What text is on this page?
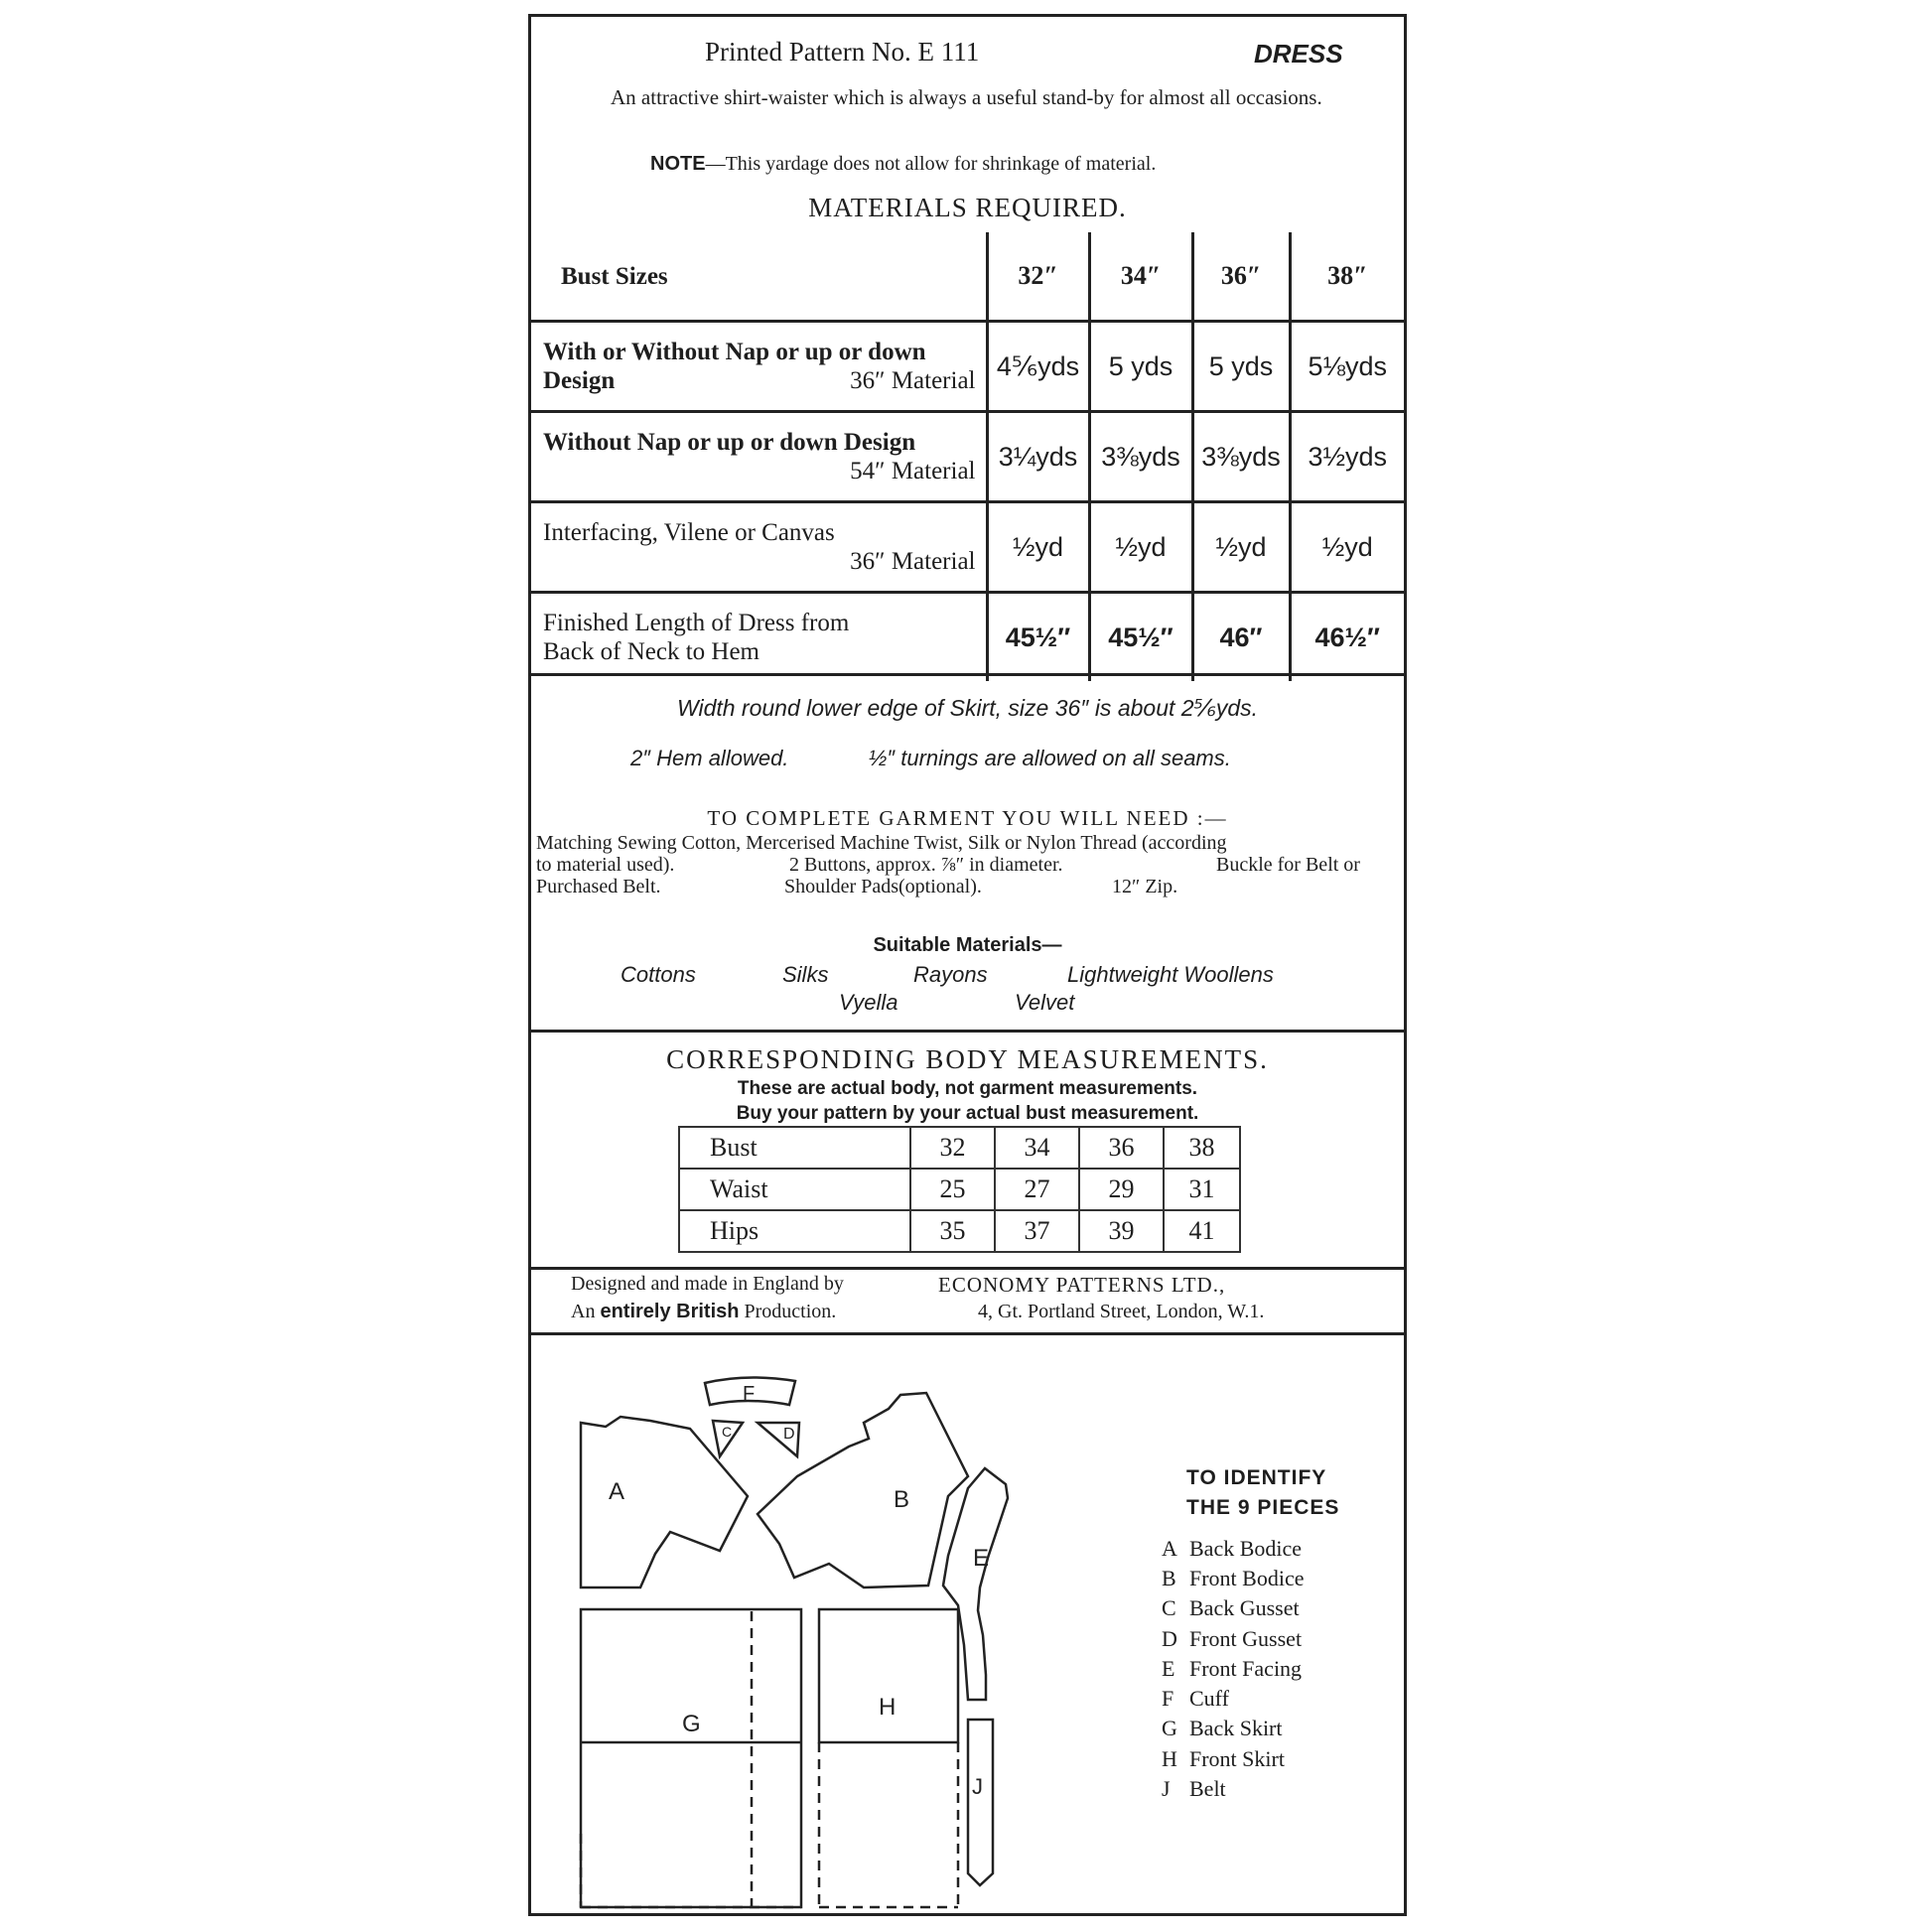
Printed Pattern No. E 111	DRESS
An attractive shirt-waister which is always a useful stand-by for almost all occasions.
NOTE—This yardage does not allow for shrinkage of material.
MATERIALS REQUIRED.
Bust Sizes	32″	34″	36″	38″

With or Without Nap or up or down
Design 36″ Material	4⅚yds	5 yds	5 yds	5⅛yds

Without Nap or up or down Design
54″ Material	3¼yds	3⅜yds	3⅜yds	3½yds

Interfacing, Vilene or Canvas
36″ Material	½yd	½yd	½yd	½yd

Finished Length of Dress from
Back of Neck to Hem	45½″	45½″	46″	46½″
Width round lower edge of Skirt, size 36″ is about 2⅚yds.
2″ Hem allowed.	½″ turnings are allowed on all seams.
TO COMPLETE GARMENT YOU WILL NEED :—
Matching Sewing Cotton, Mercerised Machine Twist, Silk or Nylon Thread (according
to material used).	2 Buttons, approx. ⅞″ in diameter.	Buckle for Belt or
Purchased Belt.	Shoulder Pads(optional).	12″ Zip.
Suitable Materials—
Cottons	Silks	Rayons	Lightweight Woollens
Vyella	Velvet
CORRESPONDING BODY MEASUREMENTS.
These are actual body, not garment measurements.
Buy your pattern by your actual bust measurement.
Bust	32	34	36	38
Waist	25	27	29	31
Hips	35	37	39	41
Designed and made in England by	ECONOMY PATTERNS LTD.,
An entirely British Production.	4, Gt. Portland Street, London, W.1.
A	B
F
C	D
E
G
H
J
TO IDENTIFY
THE 9 PIECES
A Back Bodice
B Front Bodice
C Back Gusset
D Front Gusset
E Front Facing
F Cuff
G Back Skirt
H Front Skirt
J Belt
